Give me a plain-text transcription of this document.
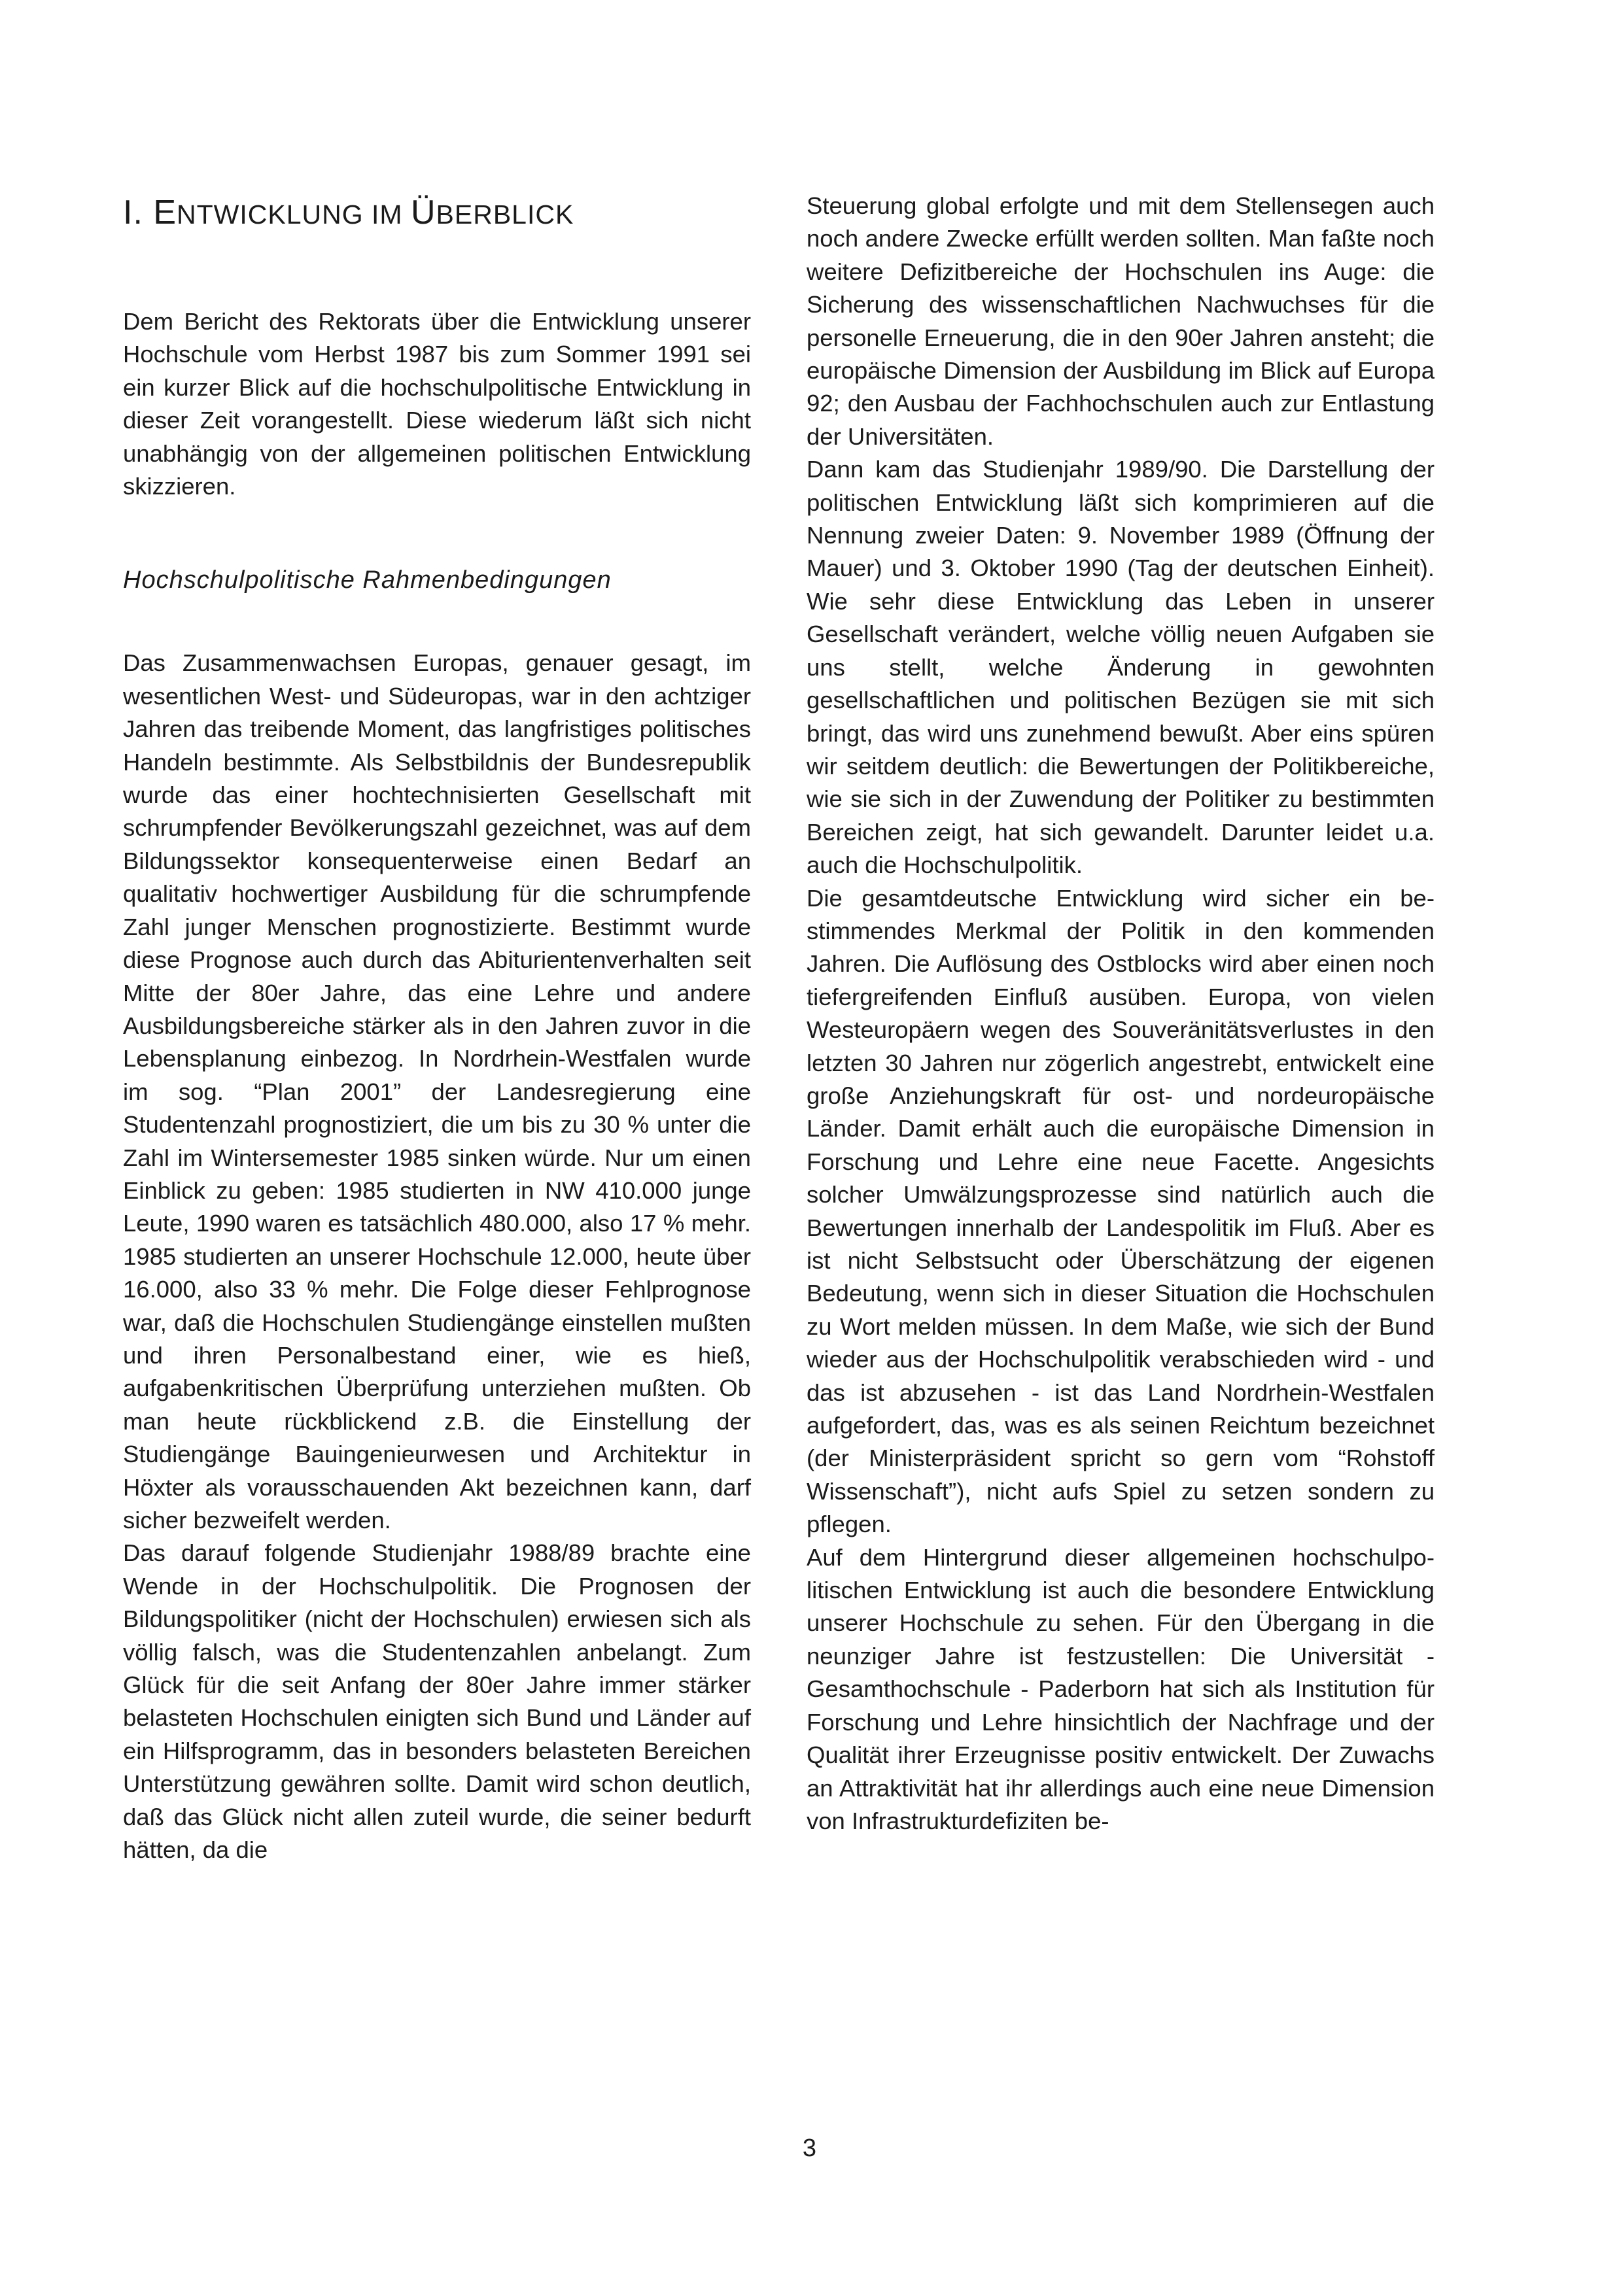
I. ENTWICKLUNG IM ÜBERBLICK

Dem Bericht des Rektorats über die Entwicklung unserer Hochschule vom Herbst 1987 bis zum Sommer 1991 sei ein kurzer Blick auf die hochschulpolitische Entwicklung in dieser Zeit vorangestellt. Diese wiederum läßt sich nicht unabhängig von der allgemeinen politischen Entwicklung skizzieren.

Hochschulpolitische Rahmenbedingungen

Das Zusammenwachsen Europas, genauer gesagt, im wesentlichen West- und Südeuropas, war in den achtziger Jahren das treibende Moment, das langfristiges politisches Handeln bestimmte. Als Selbstbildnis der Bundesrepublik wurde das einer hochtechnisierten Gesellschaft mit schrumpfender Bevölkerungszahl gezeichnet, was auf dem Bildungssektor konsequenterweise einen Bedarf an qualitativ hochwertiger Ausbildung für die schrumpfende Zahl junger Menschen prognostizierte. Bestimmt wurde diese Prognose auch durch das Abiturientenverhalten seit Mitte der 80er Jahre, das eine Lehre und andere Ausbildungsbereiche stärker als in den Jahren zuvor in die Lebensplanung einbezog. In Nordrhein-Westfalen wurde im sog. “Plan 2001” der Landesregierung eine Studentenzahl prognostiziert, die um bis zu 30 % unter die Zahl im Wintersemester 1985 sinken würde. Nur um einen Einblick zu geben: 1985 studierten in NW 410.000 junge Leute, 1990 waren es tatsächlich 480.000, also 17 % mehr. 1985 studierten an unserer Hochschule 12.000, heute über 16.000, also 33 % mehr. Die Folge dieser Fehlprognose war, daß die Hochschulen Studiengänge einstellen mußten und ihren Personalbestand einer, wie es hieß, aufgabenkritischen Überprüfung unterziehen mußten. Ob man heute rückblickend z.B. die Einstellung der Studiengänge Bauingenieurwesen und Architektur in Höxter als vorausschauenden Akt bezeichnen kann, darf sicher bezweifelt werden.

Das darauf folgende Studienjahr 1988/89 brachte eine Wende in der Hochschulpolitik. Die Prognosen der Bildungspolitiker (nicht der Hochschulen) erwiesen sich als völlig falsch, was die Studentenzahlen anbelangt. Zum Glück für die seit Anfang der 80er Jahre immer stärker belasteten Hochschulen einigten sich Bund und Länder auf ein Hilfsprogramm, das in besonders belasteten Bereichen Unterstützung gewähren sollte. Damit wird schon deutlich, daß das Glück nicht allen zuteil wurde, die seiner bedurft hätten, da die

Steuerung global erfolgte und mit dem Stellensegen auch noch andere Zwecke erfüllt werden sollten. Man faßte noch weitere Defizitbereiche der Hochschulen ins Auge: die Sicherung des wissenschaftlichen Nachwuchses für die personelle Erneuerung, die in den 90er Jahren ansteht; die europäische Dimension der Ausbildung im Blick auf Europa 92; den Ausbau der Fachhochschulen auch zur Entlastung der Universitäten.

Dann kam das Studienjahr 1989/90. Die Darstellung der politischen Entwicklung läßt sich komprimieren auf die Nennung zweier Daten: 9. November 1989 (Öffnung der Mauer) und 3. Oktober 1990 (Tag der deutschen Einheit). Wie sehr diese Entwicklung das Leben in unserer Gesellschaft verändert, welche völlig neuen Aufgaben sie uns stellt, welche Änderung in gewohnten gesellschaftlichen und politischen Bezügen sie mit sich bringt, das wird uns zunehmend bewußt. Aber eins spüren wir seitdem deutlich: die Bewertungen der Politikbereiche, wie sie sich in der Zuwendung der Politiker zu bestimmten Bereichen zeigt, hat sich gewandelt. Darunter leidet u.a. auch die Hochschulpolitik.

Die gesamtdeutsche Entwicklung wird sicher ein bestimmendes Merkmal der Politik in den kommenden Jahren. Die Auflösung des Ostblocks wird aber einen noch tiefergreifenden Einfluß ausüben. Europa, von vielen Westeuropäern wegen des Souveränitätsverlustes in den letzten 30 Jahren nur zögerlich angestrebt, entwickelt eine große Anziehungskraft für ost- und nordeuropäische Länder. Damit erhält auch die europäische Dimension in Forschung und Lehre eine neue Facette. Angesichts solcher Umwälzungsprozesse sind natürlich auch die Bewertungen innerhalb der Landespolitik im Fluß. Aber es ist nicht Selbstsucht oder Überschätzung der eigenen Bedeutung, wenn sich in dieser Situation die Hochschulen zu Wort melden müssen. In dem Maße, wie sich der Bund wieder aus der Hochschulpolitik verabschieden wird - und das ist abzusehen - ist das Land Nordrhein-Westfalen aufgefordert, das, was es als seinen Reichtum bezeichnet (der Ministerpräsident spricht so gern vom “Rohstoff Wissenschaft”), nicht aufs Spiel zu setzen sondern zu pflegen.

Auf dem Hintergrund dieser allgemeinen hochschulpolitischen Entwicklung ist auch die besondere Entwicklung unserer Hochschule zu sehen. Für den Übergang in die neunziger Jahre ist festzustellen: Die Universität - Gesamthochschule - Paderborn hat sich als Institution für Forschung und Lehre hinsichtlich der Nachfrage und der Qualität ihrer Erzeugnisse positiv entwickelt. Der Zuwachs an Attraktivität hat ihr allerdings auch eine neue Dimension von Infrastrukturdefiziten be-

3
